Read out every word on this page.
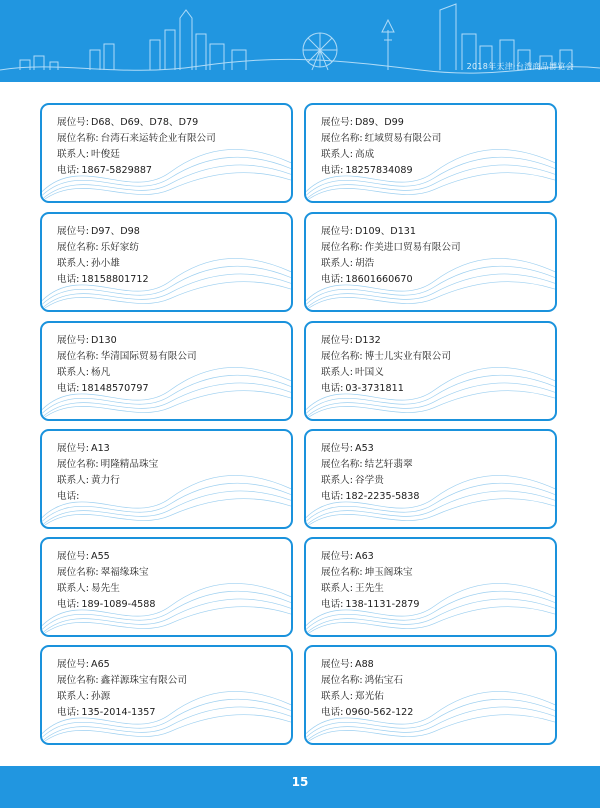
2018年天津·台湾商品博览会
展位号: D68、D69、D78、D79
展位名称: 台湾石来运转企业有限公司
联系人: 叶俊廷
电话: 1867-5829887
展位号: D89、D99
展位名称: 红域贸易有限公司
联系人: 高成
电话: 18257834089
展位号: D97、D98
展位名称: 乐好家纺
联系人: 孙小雄
电话: 18158801712
展位号: D109、D131
展位名称: 作美进口贸易有限公司
联系人: 胡浩
电话: 18601660670
展位号: D130
展位名称: 华清国际贸易有限公司
联系人: 杨凡
电话: 18148570797
展位号: D132
展位名称: 博士儿实业有限公司
联系人: 叶国义
电话: 03-3731811
展位号: A13
展位名称: 明隆精品珠宝
联系人: 黄力行
电话:
展位号: A53
展位名称: 结艺轩翡翠
联系人: 谷学贵
电话: 182-2235-5838
展位号: A55
展位名称: 翠福缘珠宝
联系人: 易先生
电话: 189-1089-4588
展位号: A63
展位名称: 坤玉阁珠宝
联系人: 王先生
电话: 138-1131-2879
展位号: A65
展位名称: 鑫祥源珠宝有限公司
联系人: 孙源
电话: 135-2014-1357
展位号: A88
展位名称: 鸿佑宝石
联系人: 郑光佑
电话: 0960-562-122
15
